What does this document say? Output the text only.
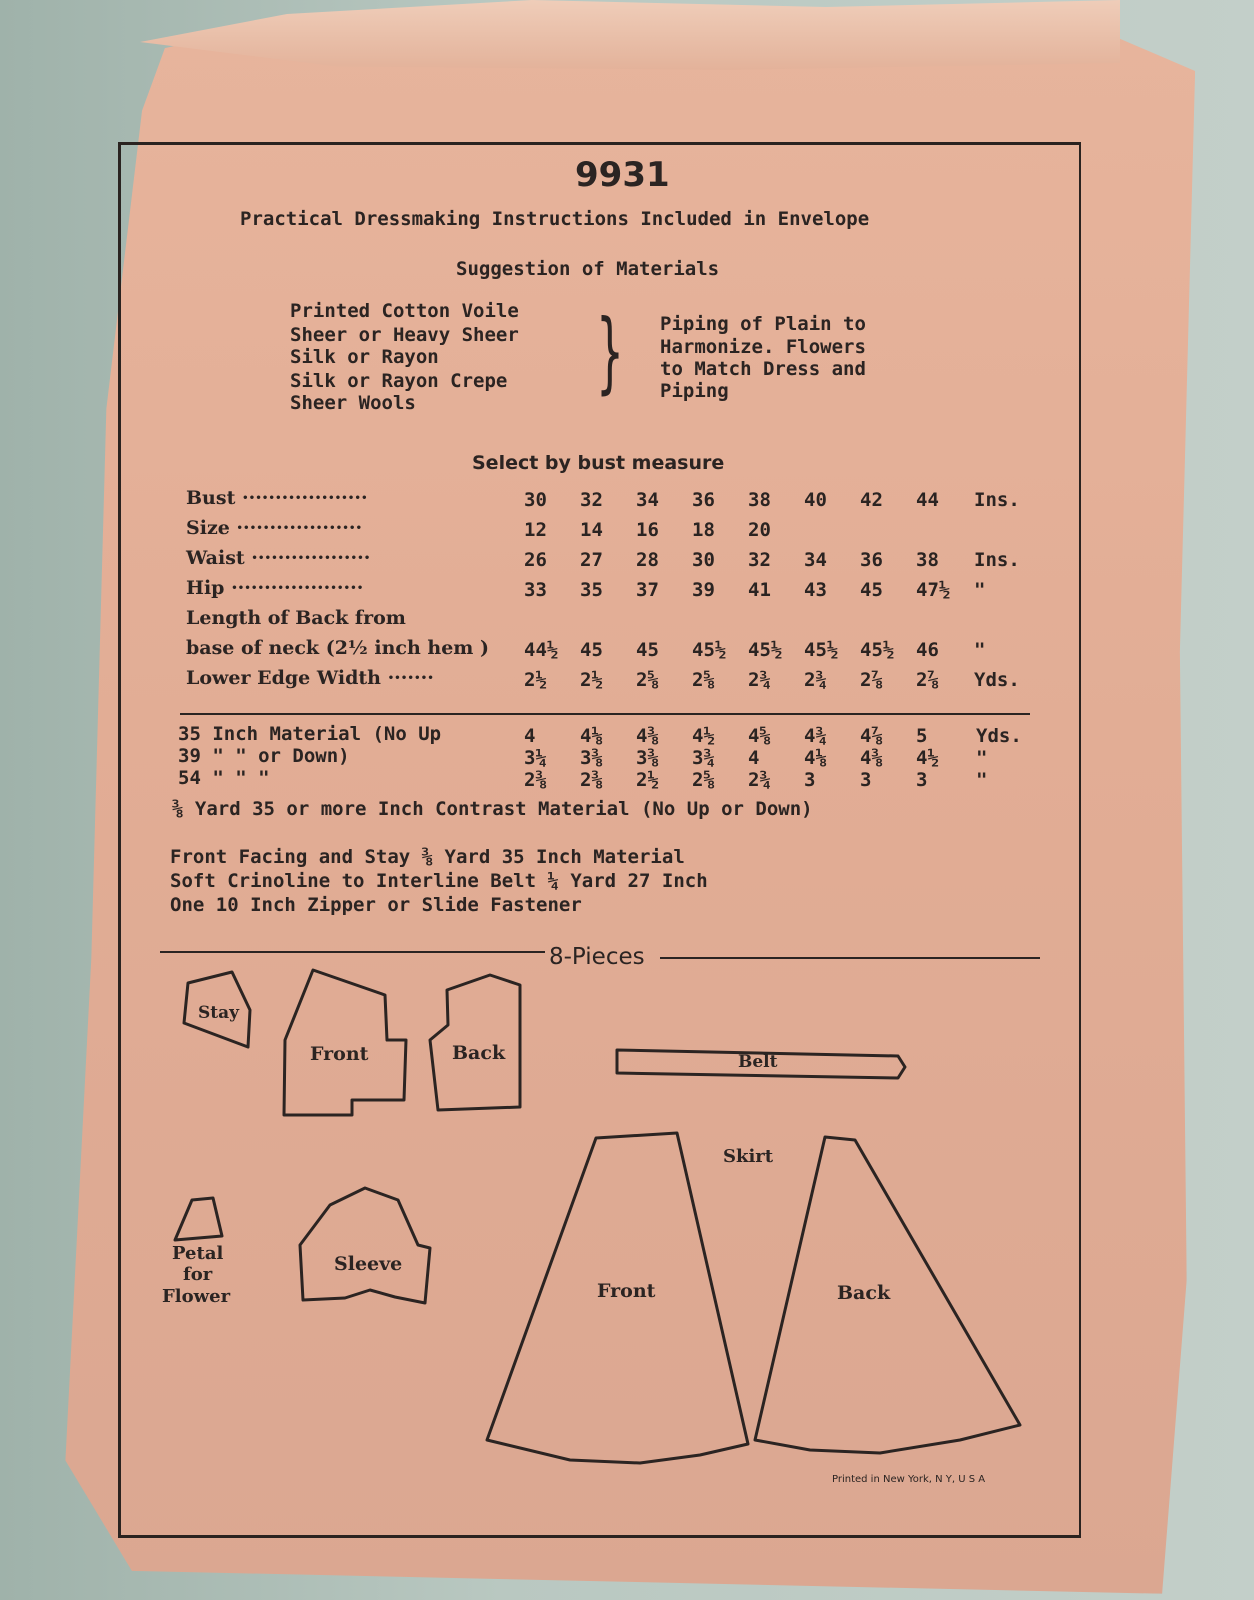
9931
Practical Dressmaking Instructions Included in Envelope
Suggestion of Materials
Printed Cotton Voile
Sheer or Heavy Sheer
Silk or Rayon
Silk or Rayon Crepe
Sheer Wools } Piping of Plain to
Harmonize. Flowers
to Match Dress and
Piping
Select by bust measure
Bust ···················	30 32 34 36 38 40 42 44 Ins.
Size ···················	12 14 16 18 20
Waist ··················	26 27 28 30 32 34 36 38 Ins.
Hip ····················	33 35 37 39 41 43 45 47½ "
Length of Back from
base of neck (2½ inch hem ) 44½ 45 45 45½ 45½ 45½ 45½ 46 "
Lower Edge Width ·······	2½ 2½ 2⅝ 2⅝ 2¾ 2¾ 2⅞ 2⅞ Yds.
35 Inch Material (No Up	4 4⅛ 4⅜ 4½ 4⅝ 4¾ 4⅞ 5	Yds.
39 " " or Down)	3¼ 3⅜ 3⅜ 3¾ 4 4⅛ 4⅜ 4½ "
54 " " "	2⅜ 2⅜ 2½ 2⅝ 2¾ 3 3 3	"
⅜ Yard 35 or more Inch Contrast Material (No Up or Down)
Front Facing and Stay ⅜ Yard 35 Inch Material
Soft Crinoline to Interline Belt ¼ Yard 27 Inch
One 10 Inch Zipper or Slide Fastener
8-Pieces
Stay
Front	Back	Belt
Skirt
Petal
for
Flower
Sleeve
Front	Back
Printed in New York, N Y, U S A
